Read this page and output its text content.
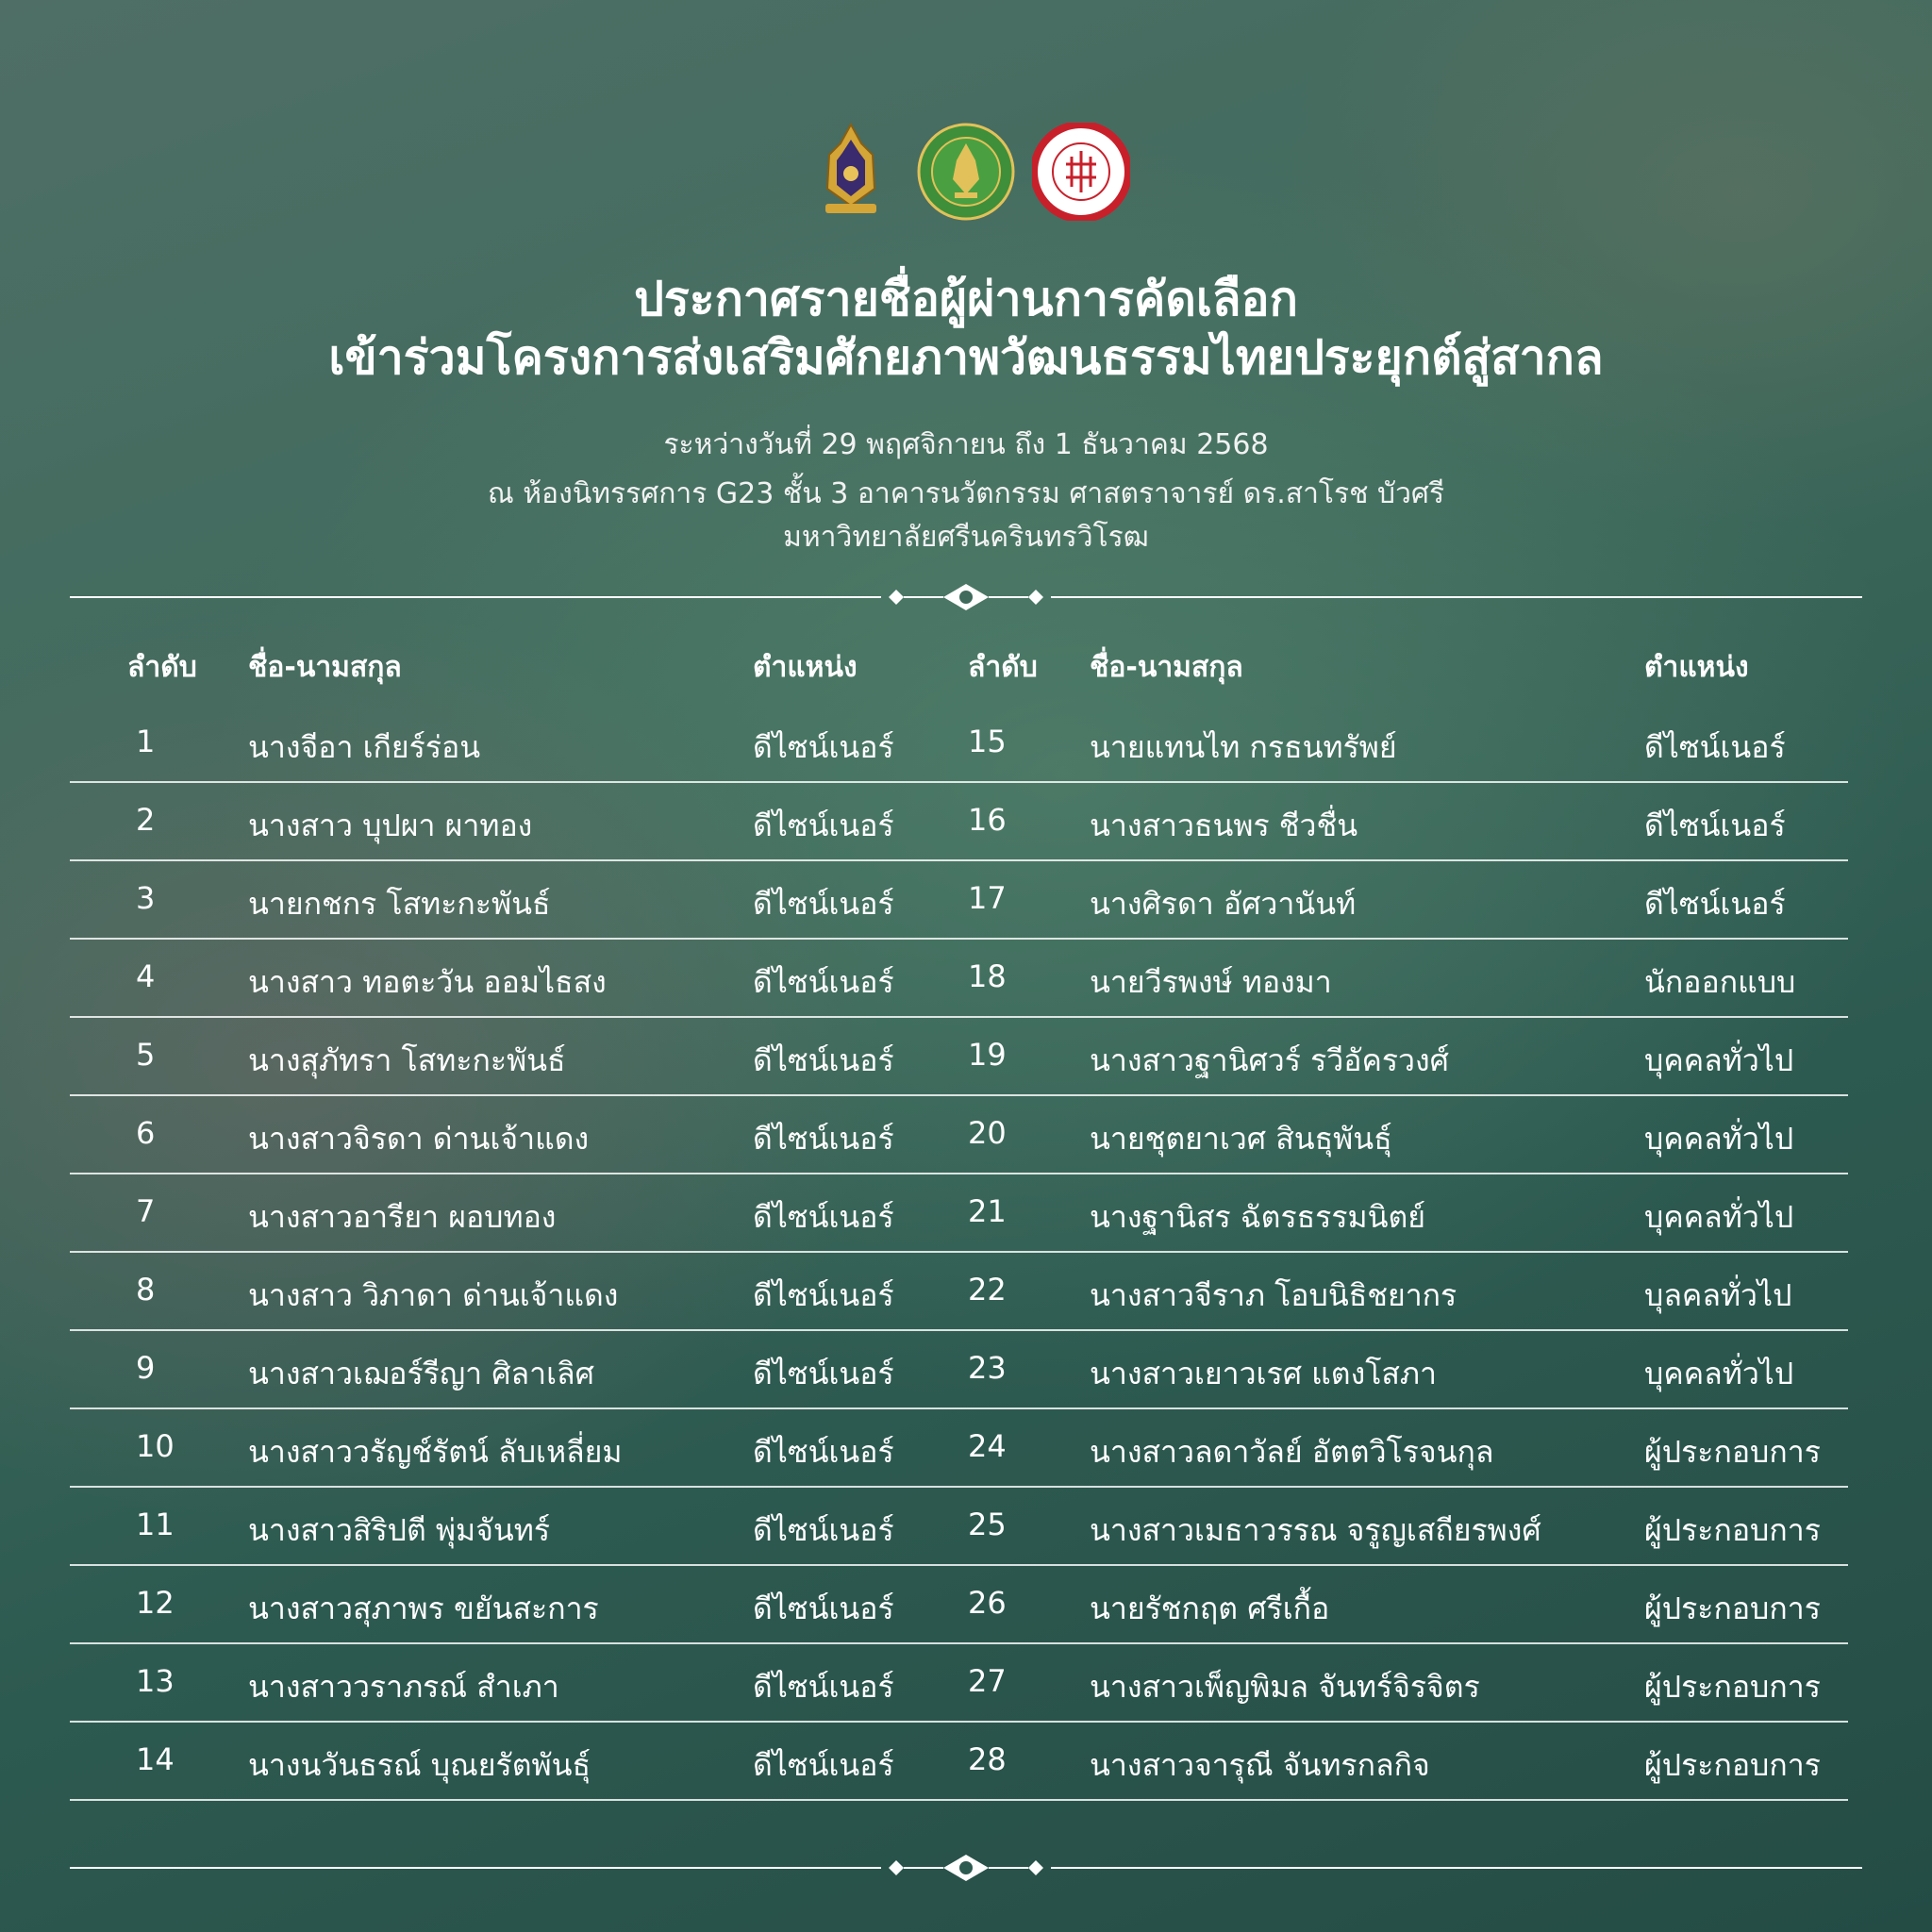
ประกาศรายชื่อผู้ผ่านการคัดเลือก
เข้าร่วมโครงการส่งเสริมศักยภาพวัฒนธรรมไทยประยุกต์สู่สากล
ระหว่างวันที่ 29 พฤศจิกายน ถึง 1 ธันวาคม 2568
ณ ห้องนิทรรศการ G23 ชั้น 3 อาคารนวัตกรรม ศาสตราจารย์ ดร.สาโรช บัวศรี
มหาวิทยาลัยศรีนครินทรวิโรฒ
ลำดับ ชื่อ-นามสกุล	ตำแหน่ง	ลำดับ ชื่อ-นามสกุล	ตำแหน่ง
1	นางจีอา เกียร์ร่อน	ดีไซน์เนอร์ 15	นายแทนไท กรธนทรัพย์	ดีไซน์เนอร์
2	นางสาว บุปผา ผาทอง	ดีไซน์เนอร์ 16	นางสาวธนพร ชีวชื่น	ดีไซน์เนอร์
3	นายกชกร โสทะกะพันธ์	ดีไซน์เนอร์ 17	นางศิรดา อัศวานันท์	ดีไซน์เนอร์
4	นางสาว ทอตะวัน ออมไธสง	ดีไซน์เนอร์ 18	นายวีรพงษ์ ทองมา	นักออกแบบ
5	นางสุภัทรา โสทะกะพันธ์	ดีไซน์เนอร์ 19	นางสาวฐานิศวร์ รวีอัครวงศ์	บุคคลทั่วไป
6	นางสาวจิรดา ด่านเจ้าแดง	ดีไซน์เนอร์ 20	นายชุตยาเวศ สินธุพันธุ์	บุคคลทั่วไป
7	นางสาวอารียา ผอบทอง	ดีไซน์เนอร์ 21	นางฐานิสร ฉัตรธรรมนิตย์	บุคคลทั่วไป
8	นางสาว วิภาดา ด่านเจ้าแดง	ดีไซน์เนอร์ 22	นางสาวจีราภ โอบนิธิชยากร	บุลคลทั่วไป
9	นางสาวเฌอร์รีญา ศิลาเลิศ	ดีไซน์เนอร์ 23	นางสาวเยาวเรศ แตงโสภา	บุคคลทั่วไป
10	นางสาววรัญช์รัตน์ ลับเหลี่ยม	ดีไซน์เนอร์ 24	นางสาวลดาวัลย์ อัตตวิโรจนกุล	ผู้ประกอบการ
11	นางสาวสิริปตี พุ่มจันทร์	ดีไซน์เนอร์ 25	นางสาวเมธาวรรณ จรูญเสถียรพงศ์	ผู้ประกอบการ
12	นางสาวสุภาพร ขยันสะการ	ดีไซน์เนอร์ 26	นายรัชกฤต ศรีเกื้อ	ผู้ประกอบการ
13	นางสาววราภรณ์ สำเภา	ดีไซน์เนอร์ 27	นางสาวเพ็ญพิมล จันทร์จิรจิตร	ผู้ประกอบการ
14	นางนวันธรณ์ บุณยรัตพันธุ์	ดีไซน์เนอร์ 28	นางสาวจารุณี จันทรกลกิจ	ผู้ประกอบการ
